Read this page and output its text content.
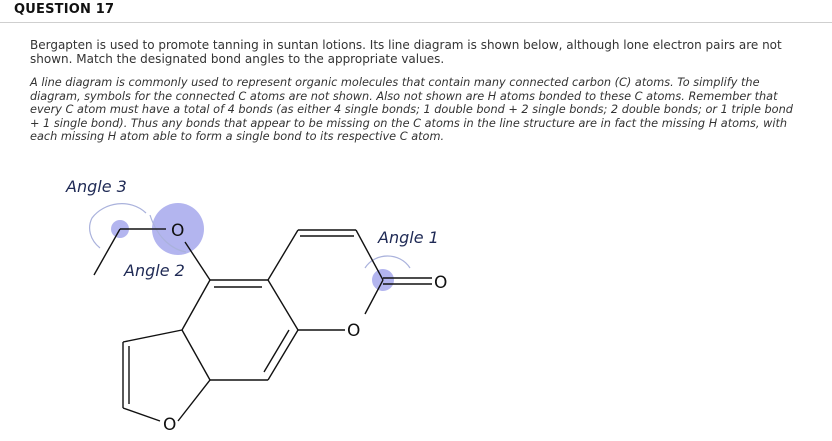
QUESTION 17
Bergapten is used to promote tanning in suntan lotions. Its line diagram is shown below, although lone electron pairs are not shown. Match the designated bond angles to the appropriate values.
A line diagram is commonly used to represent organic molecules that contain many connected carbon (C) atoms. To simplify the diagram, symbols for the connected C atoms are not shown. Also not shown are H atoms bonded to these C atoms. Remember that every C atom must have a total of 4 bonds (as either 4 single bonds; 1 double bond + 2 single bonds; 2 double bonds; or 1 triple bond + 1 single bond). Thus any bonds that appear to be missing on the C atoms in the line structure are in fact the missing H atoms, with each missing H atom able to form a single bond to its respective C atom.
O
O
O
O
Angle 3
Angle 2
Angle 1
